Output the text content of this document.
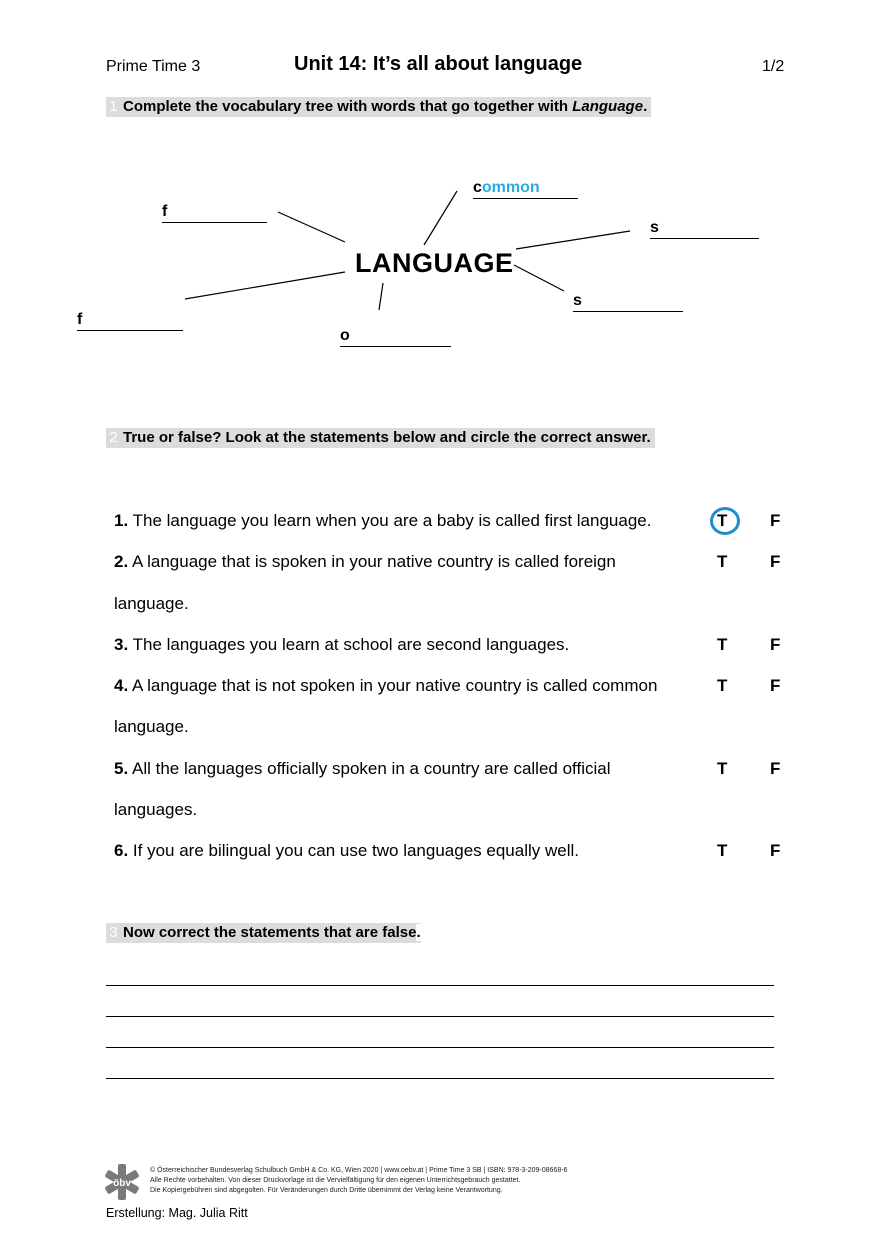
Prime Time 3	Unit 14: It’s all about language	1/2
1 Complete the vocabulary tree with words that go together with Language.
LANGUAGE
common
f
s
s
f
o
2 True or false? Look at the statements below and circle the correct answer.
1. The language you learn when you are a baby is called first language.	T	F
2. A language that is spoken in your native country is called foreign
language.
T	F
3. The languages you learn at school are second languages.	T	F
4. A language that is not spoken in your native country is called common
language.
T	F
5. All the languages officially spoken in a country are called official
languages.
T	F
6. If you are bilingual you can use two languages equally well.	T	F
3 Now correct the statements that are false.
öbv
© Österreichischer Bundesverlag Schulbuch GmbH & Co. KG, Wien 2020 | www.oebv.at | Prime Time 3 SB | ISBN: 978-3-209-08668-6
Alle Rechte vorbehalten. Von dieser Druckvorlage ist die Vervielfältigung für den eigenen Unterrichtsgebrauch gestattet.
Die Kopiergebühren sind abgegolten. Für Veränderungen durch Dritte übernimmt der Verlag keine Verantwortung.
Erstellung: Mag. Julia Ritt
